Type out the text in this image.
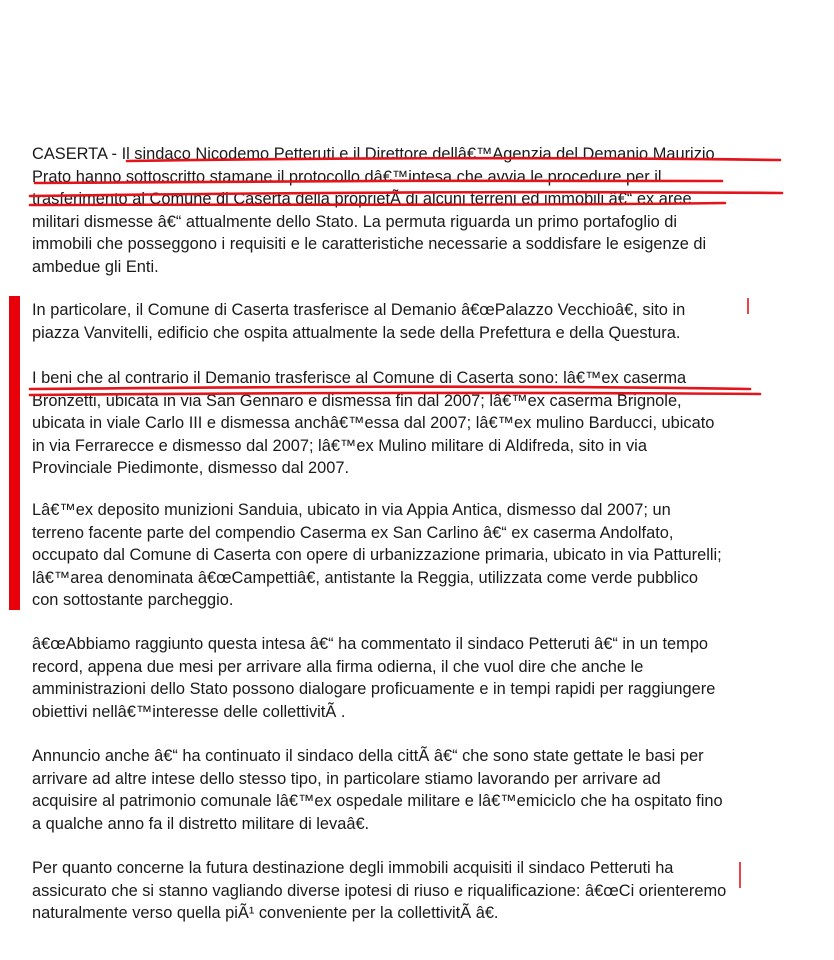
CASERTA - Il sindaco Nicodemo Petteruti e il Direttore dellâ€™Agenzia del Demanio Maurizio
Prato hanno sottoscritto stamane il protocollo dâ€™intesa che avvia le procedure per il
trasferimento al Comune di Caserta della proprietÃ di alcuni terreni ed immobili â€“ ex aree
militari dismesse â€“ attualmente dello Stato. La permuta riguarda un primo portafoglio di
immobili che posseggono i requisiti e le caratteristiche necessarie a soddisfare le esigenze di
ambedue gli Enti.

In particolare, il Comune di Caserta trasferisce al Demanio â€œPalazzo Vecchioâ€, sito in
piazza Vanvitelli, edificio che ospita attualmente la sede della Prefettura e della Questura.

I beni che al contrario il Demanio trasferisce al Comune di Caserta sono: lâ€™ex caserma
Bronzetti, ubicata in via San Gennaro e dismessa fin dal 2007; lâ€™ex caserma Brignole,
ubicata in viale Carlo III e dismessa anchâ€™essa dal 2007; lâ€™ex mulino Barducci, ubicato
in via Ferrarecce e dismesso dal 2007; lâ€™ex Mulino militare di Aldifreda, sito in via
Provinciale Piedimonte, dismesso dal 2007.

Lâ€™ex deposito munizioni Sanduia, ubicato in via Appia Antica, dismesso dal 2007; un
terreno facente parte del compendio Caserma ex San Carlino â€“ ex caserma Andolfato,
occupato dal Comune di Caserta con opere di urbanizzazione primaria, ubicato in via Patturelli;
lâ€™area denominata â€œCampettiâ€, antistante la Reggia, utilizzata come verde pubblico
con sottostante parcheggio.

â€œAbbiamo raggiunto questa intesa â€“ ha commentato il sindaco Petteruti â€“ in un tempo
record, appena due mesi per arrivare alla firma odierna, il che vuol dire che anche le
amministrazioni dello Stato possono dialogare proficuamente e in tempi rapidi per raggiungere
obiettivi nellâ€™interesse delle collettivitÃ .

Annuncio anche â€“ ha continuato il sindaco della cittÃ â€“ che sono state gettate le basi per
arrivare ad altre intese dello stesso tipo, in particolare stiamo lavorando per arrivare ad
acquisire al patrimonio comunale lâ€™ex ospedale militare e lâ€™emiciclo che ha ospitato fino
a qualche anno fa il distretto militare di levaâ€.

Per quanto concerne la futura destinazione degli immobili acquisiti il sindaco Petteruti ha
assicurato che si stanno vagliando diverse ipotesi di riuso e riqualificazione: â€œCi orienteremo
naturalmente verso quella piÃ¹ conveniente per la collettivitÃ â€.
